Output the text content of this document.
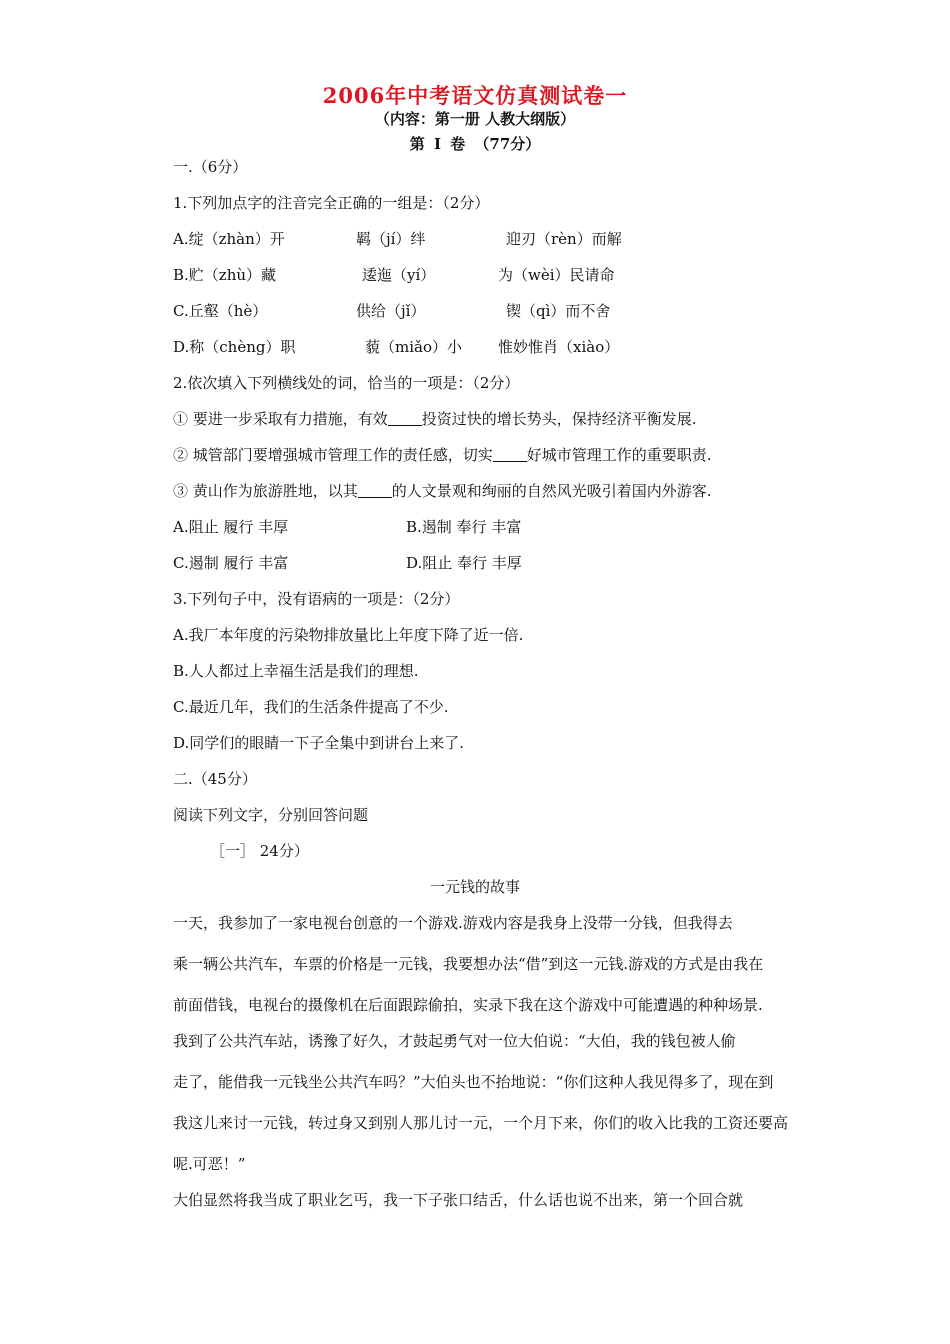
2006年中考语文仿真测试卷一
（内容：第一册 人教大纲版）
第 Ⅰ 卷 （77分）
一.（6分）
1.下列加点字的注音完全正确的一组是：（2分）
A.绽（zhàn）开	羁（jí）绊	迎刃（rèn）而解
B.贮（zhù）藏	逶迤（yí）	为（wèi）民请命
C.丘壑（hè）	供给（jǐ）	锲（qì）而不舍
D.称（chèng）职	藐（miǎo）小 惟妙惟肖（xiào）
2.依次填入下列横线处的词，恰当的一项是：（2分）
① 要进一步采取有力措施，有效 投资过快的增长势头，保持经济平衡发展.
② 城管部门要增强城市管理工作的责任感，切实 好城市管理工作的重要职责.
③ 黄山作为旅游胜地，以其 的人文景观和绚丽的自然风光吸引着国内外游客.
A.阻止 履行 丰厚	B.遏制 奉行 丰富
C.遏制 履行 丰富	D.阻止 奉行 丰厚
3.下列句子中，没有语病的一项是：（2分）
A.我厂本年度的污染物排放量比上年度下降了近一倍.
B.人人都过上幸福生活是我们的理想.
C.最近几年，我们的生活条件提高了不少.
D.同学们的眼睛一下子全集中到讲台上来了.
二.（45分）
阅读下列文字，分别回答问题
［一］ 24分）
一元钱的故事
一天，我参加了一家电视台创意的一个游戏.游戏内容是我身上没带一分钱，但我得去
乘一辆公共汽车，车票的价格是一元钱，我要想办法“借”到这一元钱.游戏的方式是由我在
前面借钱，电视台的摄像机在后面跟踪偷拍，实录下我在这个游戏中可能遭遇的种种场景.
我到了公共汽车站，诱豫了好久，才鼓起勇气对一位大伯说：“大伯，我的钱包被人偷
走了，能借我一元钱坐公共汽车吗？”大伯头也不抬地说：“你们这种人我见得多了，现在到
我这儿来讨一元钱，转过身又到别人那儿讨一元，一个月下来，你们的收入比我的工资还要高
呢.可恶！”
大伯显然将我当成了职业乞丐，我一下子张口结舌，什么话也说不出来，第一个回合就
